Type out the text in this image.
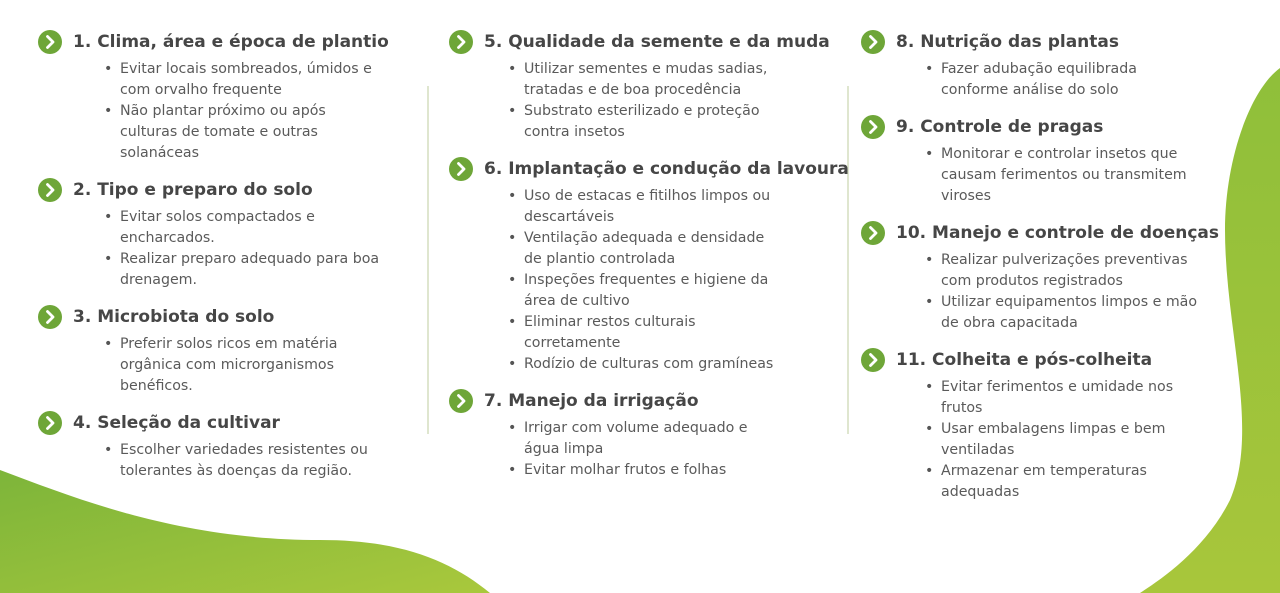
1. Clima, área e época de plantio
• Evitar locais sombreados, úmidos e
com orvalho frequente
• Não plantar próximo ou após
culturas de tomate e outras
solanáceas
2. Tipo e preparo do solo
• Evitar solos compactados e
encharcados.
• Realizar preparo adequado para boa
drenagem.
3. Microbiota do solo
• Preferir solos ricos em matéria
orgânica com microrganismos
benéficos.
4. Seleção da cultivar
• Escolher variedades resistentes ou
tolerantes às doenças da região.
5. Qualidade da semente e da muda
• Utilizar sementes e mudas sadias,
tratadas e de boa procedência
• Substrato esterilizado e proteção
contra insetos
6. Implantação e condução da lavoura
• Uso de estacas e fitilhos limpos ou
descartáveis
• Ventilação adequada e densidade
de plantio controlada
• Inspeções frequentes e higiene da
área de cultivo
• Eliminar restos culturais
corretamente
• Rodízio de culturas com gramíneas
7. Manejo da irrigação
• Irrigar com volume adequado e
água limpa
• Evitar molhar frutos e folhas
8. Nutrição das plantas
• Fazer adubação equilibrada
conforme análise do solo
9. Controle de pragas
• Monitorar e controlar insetos que
causam ferimentos ou transmitem
viroses
10. Manejo e controle de doenças
• Realizar pulverizações preventivas
com produtos registrados
• Utilizar equipamentos limpos e mão
de obra capacitada
11. Colheita e pós-colheita
• Evitar ferimentos e umidade nos
frutos
• Usar embalagens limpas e bem
ventiladas
• Armazenar em temperaturas
adequadas
